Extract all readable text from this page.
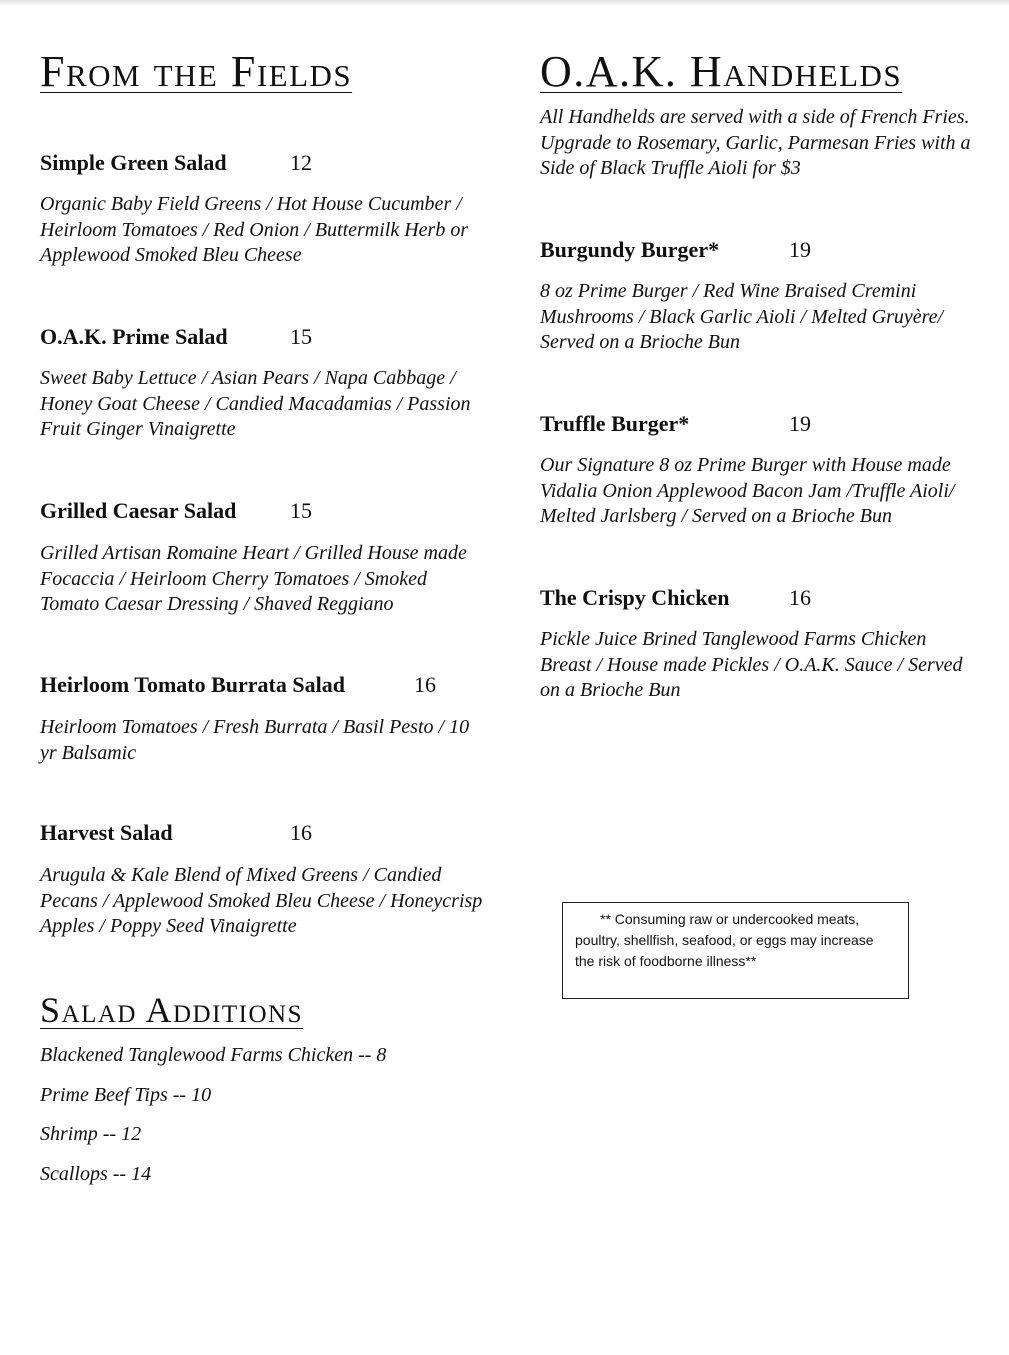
From the Fields
Simple Green Salad	12

Organic Baby Field Greens / Hot House Cucumber / Heirloom Tomatoes / Red Onion / Buttermilk Herb or Applewood Smoked Bleu Cheese

O.A.K. Prime Salad	15

Sweet Baby Lettuce / Asian Pears / Napa Cabbage / Honey Goat Cheese / Candied Macadamias / Passion Fruit Ginger Vinaigrette

Grilled Caesar Salad 15

Grilled Artisan Romaine Heart / Grilled House made Focaccia / Heirloom Cherry Tomatoes / Smoked Tomato Caesar Dressing / Shaved Reggiano

Heirloom Tomato Burrata Salad	16

Heirloom Tomatoes / Fresh Burrata / Basil Pesto / 10 yr Balsamic

Harvest Salad	16

Arugula & Kale Blend of Mixed Greens / Candied Pecans / Applewood Smoked Bleu Cheese / Honeycrisp Apples / Poppy Seed Vinaigrette

Salad Additions
Blackened Tanglewood Farms Chicken -- 8
Prime Beef Tips -- 10
Shrimp -- 12
Scallops -- 14
O.A.K. Handhelds

All Handhelds are served with a side of French Fries. Upgrade to Rosemary, Garlic, Parmesan Fries with a Side of Black Truffle Aioli for $3

Burgundy Burger*	19

8 oz Prime Burger / Red Wine Braised Cremini Mushrooms / Black Garlic Aioli / Melted Gruyère/ Served on a Brioche Bun

Truffle Burger*	19

Our Signature 8 oz Prime Burger with House made Vidalia Onion Applewood Bacon Jam /Truffle Aioli/ Melted Jarlsberg / Served on a Brioche Bun

The Crispy Chicken	16

Pickle Juice Brined Tanglewood Farms Chicken Breast / House made Pickles / O.A.K. Sauce / Served on a Brioche Bun

** Consuming raw or undercooked meats, poultry, shellfish, seafood, or eggs may increase the risk of foodborne illness**
